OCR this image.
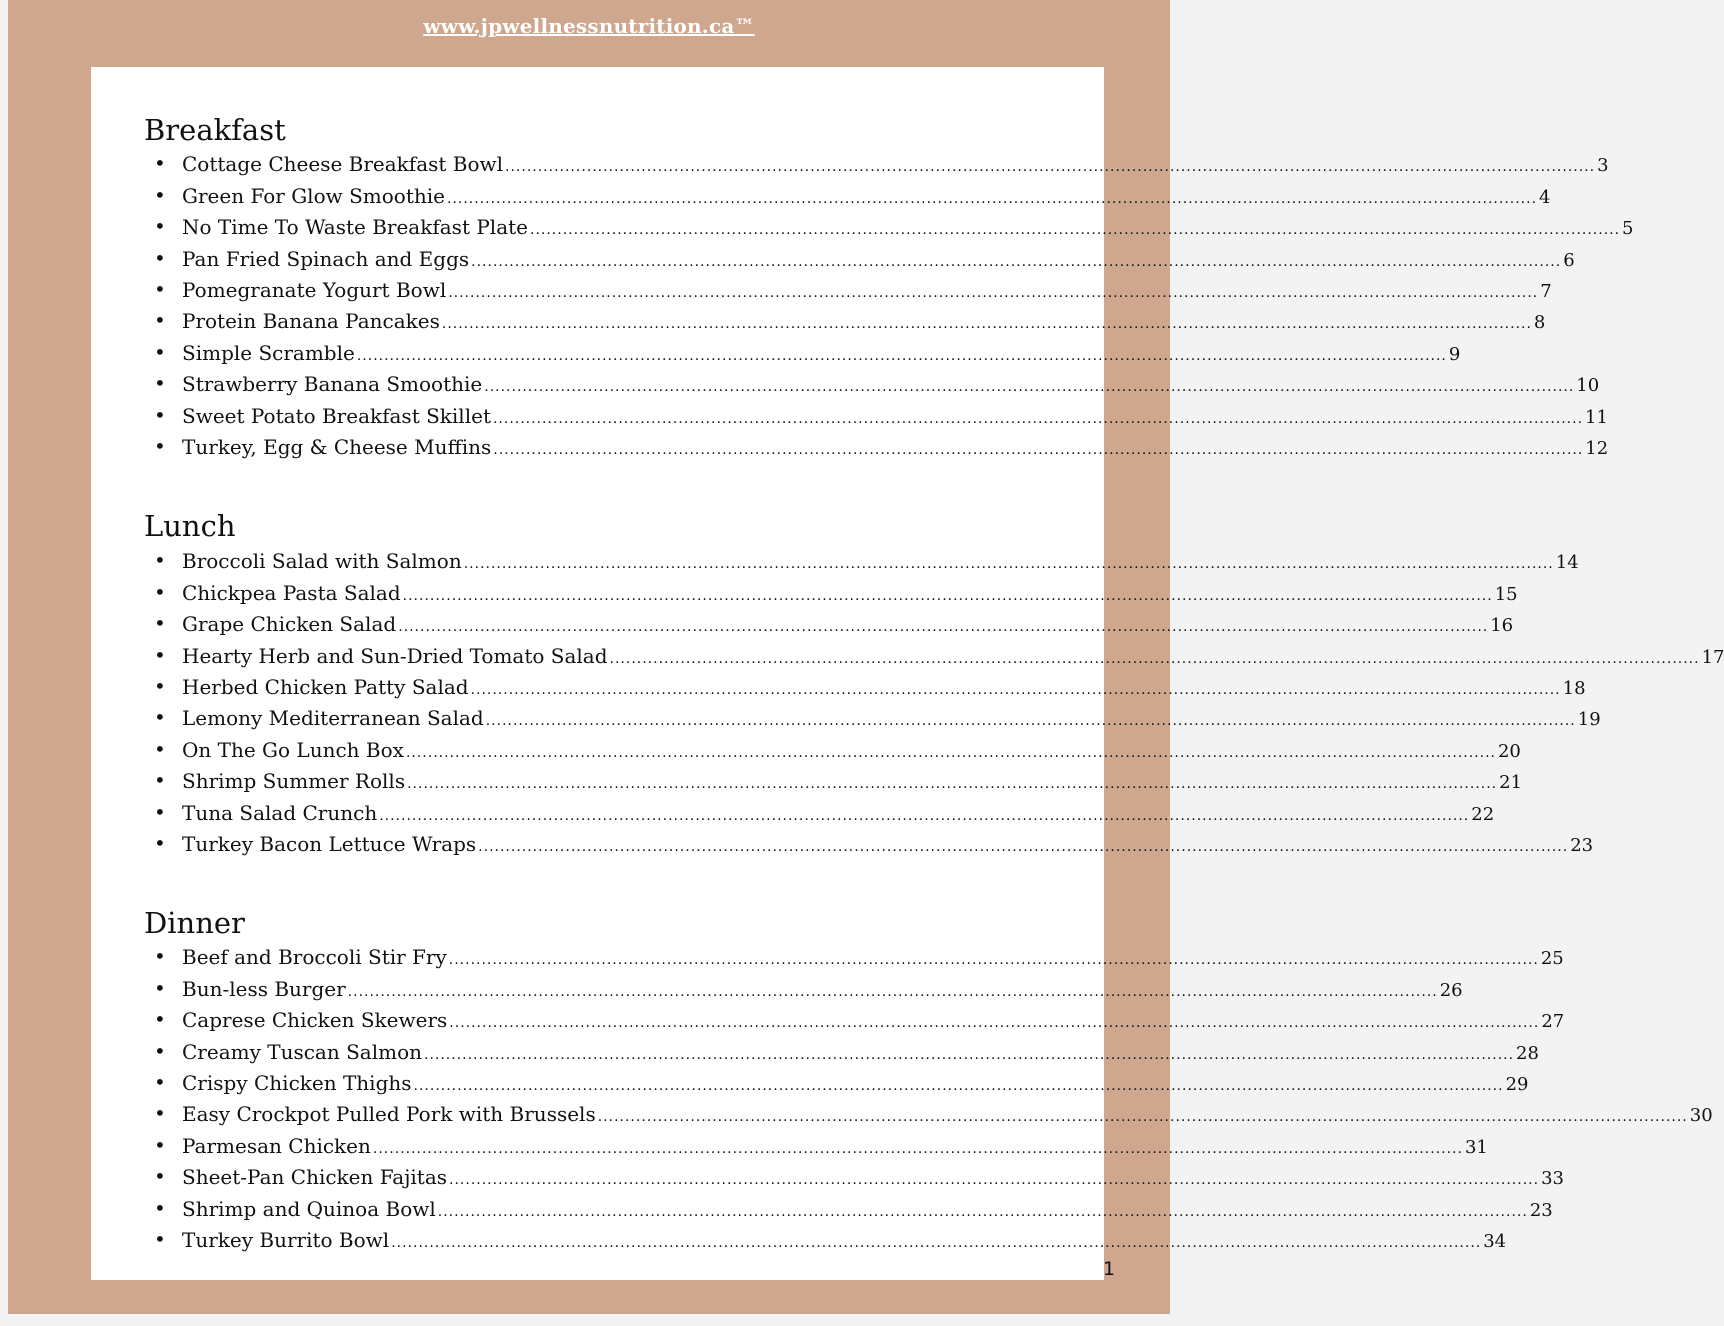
www.jpwellnessnutrition.ca™
Breakfast
• Cottage Cheese Breakfast Bowl ........................................................................................................................................................................................................ 3
• Green For Glow Smoothie ........................................................................................................................................................................................................ 4
• No Time To Waste Breakfast Plate ........................................................................................................................................................................................................ 5
• Pan Fried Spinach and Eggs ........................................................................................................................................................................................................ 6
• Pomegranate Yogurt Bowl ........................................................................................................................................................................................................ 7
• Protein Banana Pancakes ........................................................................................................................................................................................................ 8
• Simple Scramble ........................................................................................................................................................................................................ 9
• Strawberry Banana Smoothie ........................................................................................................................................................................................................ 10
• Sweet Potato Breakfast Skillet ........................................................................................................................................................................................................ 11
• Turkey, Egg & Cheese Muffins ........................................................................................................................................................................................................ 12
Lunch
• Broccoli Salad with Salmon ........................................................................................................................................................................................................ 14
• Chickpea Pasta Salad ........................................................................................................................................................................................................ 15
• Grape Chicken Salad ........................................................................................................................................................................................................ 16
• Hearty Herb and Sun-Dried Tomato Salad ........................................................................................................................................................................................................ 17
• Herbed Chicken Patty Salad ........................................................................................................................................................................................................ 18
• Lemony Mediterranean Salad ........................................................................................................................................................................................................ 19
• On The Go Lunch Box ........................................................................................................................................................................................................ 20
• Shrimp Summer Rolls ........................................................................................................................................................................................................ 21
• Tuna Salad Crunch ........................................................................................................................................................................................................ 22
• Turkey Bacon Lettuce Wraps ........................................................................................................................................................................................................ 23
Dinner
• Beef and Broccoli Stir Fry ........................................................................................................................................................................................................ 25
• Bun-less Burger ........................................................................................................................................................................................................ 26
• Caprese Chicken Skewers ........................................................................................................................................................................................................ 27
• Creamy Tuscan Salmon ........................................................................................................................................................................................................ 28
• Crispy Chicken Thighs ........................................................................................................................................................................................................ 29
• Easy Crockpot Pulled Pork with Brussels ........................................................................................................................................................................................................ 30
• Parmesan Chicken ........................................................................................................................................................................................................ 31
• Sheet-Pan Chicken Fajitas ........................................................................................................................................................................................................ 33
• Shrimp and Quinoa Bowl ........................................................................................................................................................................................................ 23
• Turkey Burrito Bowl ........................................................................................................................................................................................................ 34
1
